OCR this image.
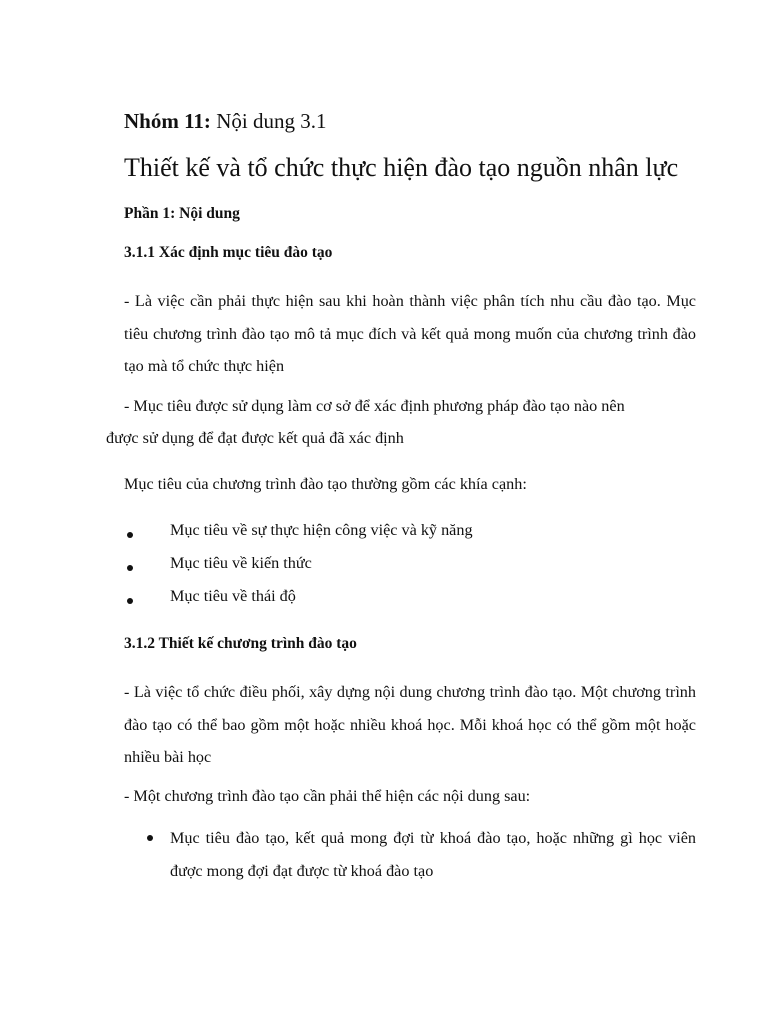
Nhóm 11: Nội dung 3.1

Thiết kế và tổ chức thực hiện đào tạo nguồn nhân lực

Phần 1: Nội dung

3.1.1 Xác định mục tiêu đào tạo

- Là việc cần phải thực hiện sau khi hoàn thành việc phân tích nhu cầu đào tạo. Mục tiêu chương trình đào tạo mô tả mục đích và kết quả mong muốn của chương trình đào tạo mà tổ chức thực hiện

- Mục tiêu được sử dụng làm cơ sở để xác định phương pháp đào tạo nào nên

được sử dụng để đạt được kết quả đã xác định

Mục tiêu của chương trình đào tạo thường gồm các khía cạnh:

Mục tiêu về sự thực hiện công việc và kỹ năng
Mục tiêu về kiến thức
Mục tiêu về thái độ

3.1.2 Thiết kế chương trình đào tạo

- Là việc tổ chức điều phối, xây dựng nội dung chương trình đào tạo. Một chương trình đào tạo có thể bao gồm một hoặc nhiều khoá học. Mỗi khoá học có thể gồm một hoặc nhiều bài học

- Một chương trình đào tạo cần phải thể hiện các nội dung sau:

Mục tiêu đào tạo, kết quả mong đợi từ khoá đào tạo, hoặc những gì học viên được mong đợi đạt được từ khoá đào tạo
